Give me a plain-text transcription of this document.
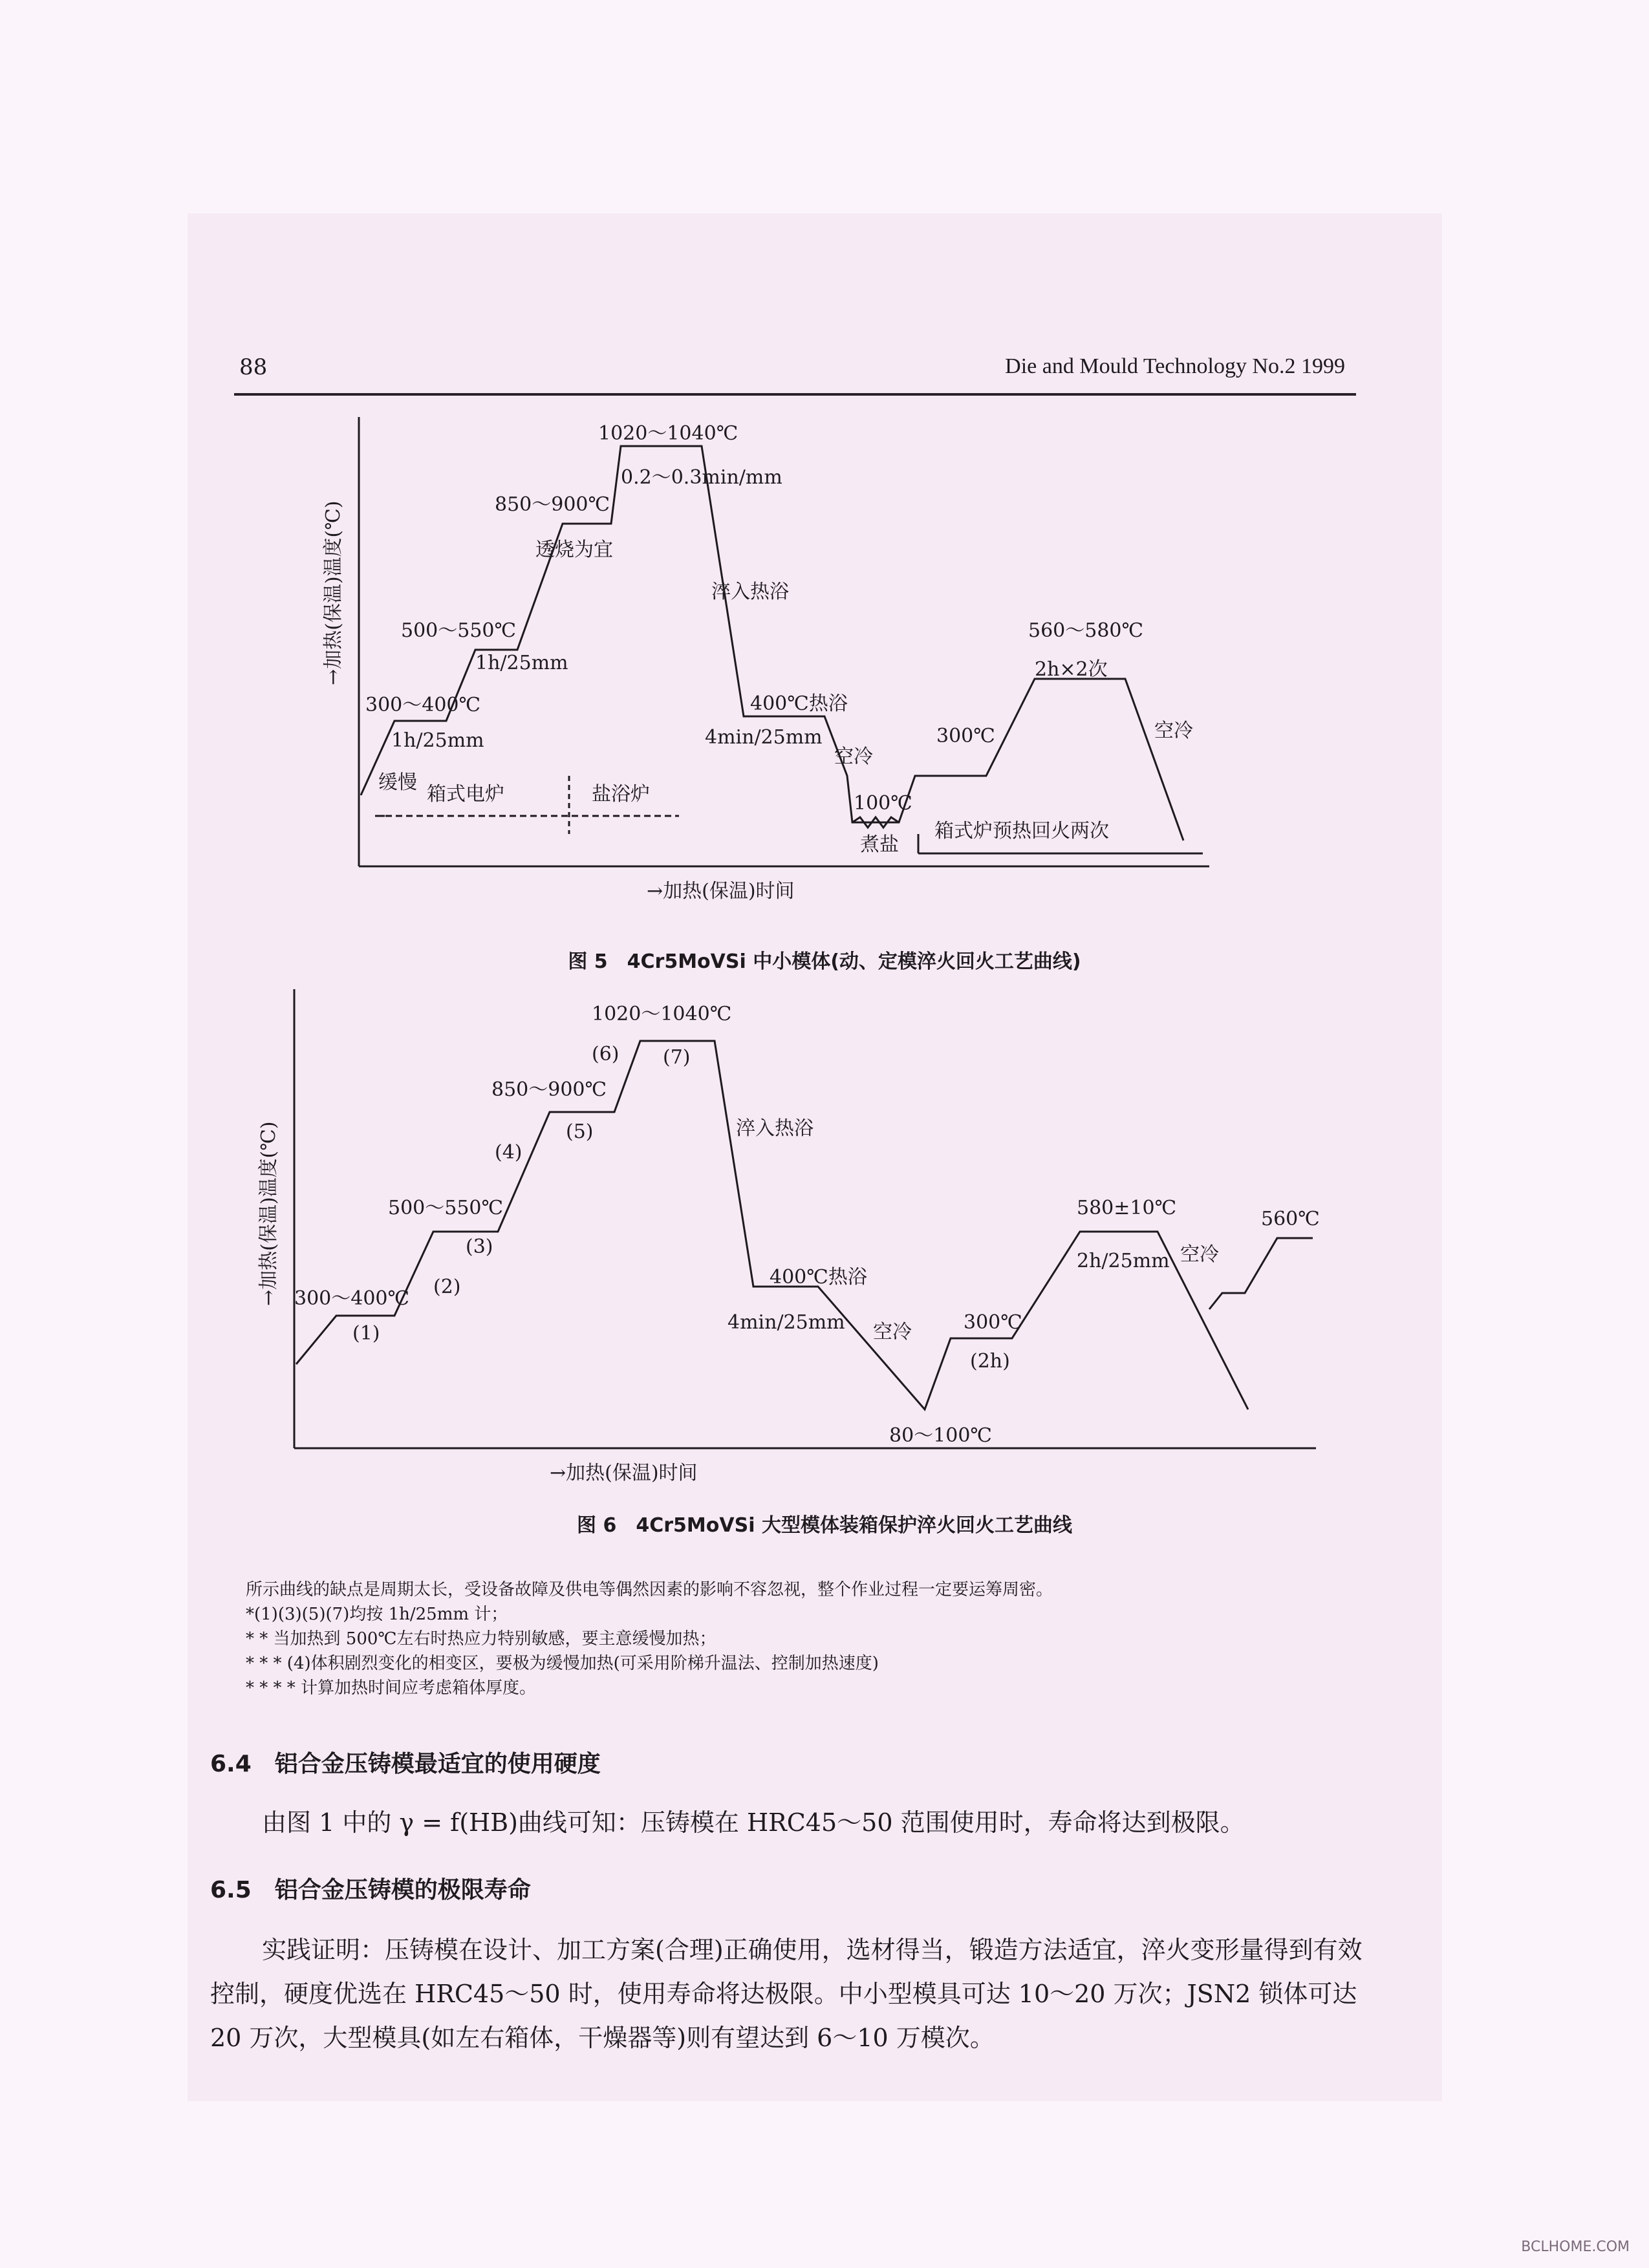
88	Die and Mould Technology No.2 1999
1020～1040℃
0.2～0.3min/mm
850～900℃
透烧为宜
淬入热浴
500～550℃
1h/25mm
300～400℃
1h/25mm
缓慢
箱式电炉	盐浴炉
400℃热浴
4min/25mm
空冷
100℃
煮盐
300℃
560～580℃
2h×2次
空冷
箱式炉预热回火两次
→加热(保温)时间
→加热(保温)温度(℃)
图 5　4Cr5MoVSi 中小模体(动、定模淬火回火工艺曲线)
1020～1040℃
(6) (7)
850～900℃
(5)
(4)
淬入热浴
500～550℃
(3)
(2)
300～400℃
(1)
400℃热浴
4min/25mm 空冷
80～100℃
300℃
(2h)
580±10℃
2h/25mm 空冷
560℃
→加热(保温)时间
→加热(保温)温度(℃)
图 6　4Cr5MoVSi 大型模体装箱保护淬火回火工艺曲线
所示曲线的缺点是周期太长，受设备故障及供电等偶然因素的影响不容忽视，整个作业过程一定要运筹周密。
*(1)(3)(5)(7)均按 1h/25mm 计；
* * 当加热到 500℃左右时热应力特别敏感，要主意缓慢加热；
* * * (4)体积剧烈变化的相变区，要极为缓慢加热(可采用阶梯升温法、控制加热速度)
* * * * 计算加热时间应考虑箱体厚度。
6.4　铝合金压铸模最适宜的使用硬度
由图 1 中的 γ = f(HB)曲线可知：压铸模在 HRC45～50 范围使用时，寿命将达到极限。
6.5　铝合金压铸模的极限寿命
实践证明：压铸模在设计、加工方案(合理)正确使用，选材得当，锻造方法适宜，淬火变形量得到有效控制，硬度优选在 HRC45～50 时，使用寿命将达极限。中小型模具可达 10～20 万次；JSN2 锁体可达 20 万次，大型模具(如左右箱体，干燥器等)则有望达到 6～10 万模次。
BCLHOME.COM
